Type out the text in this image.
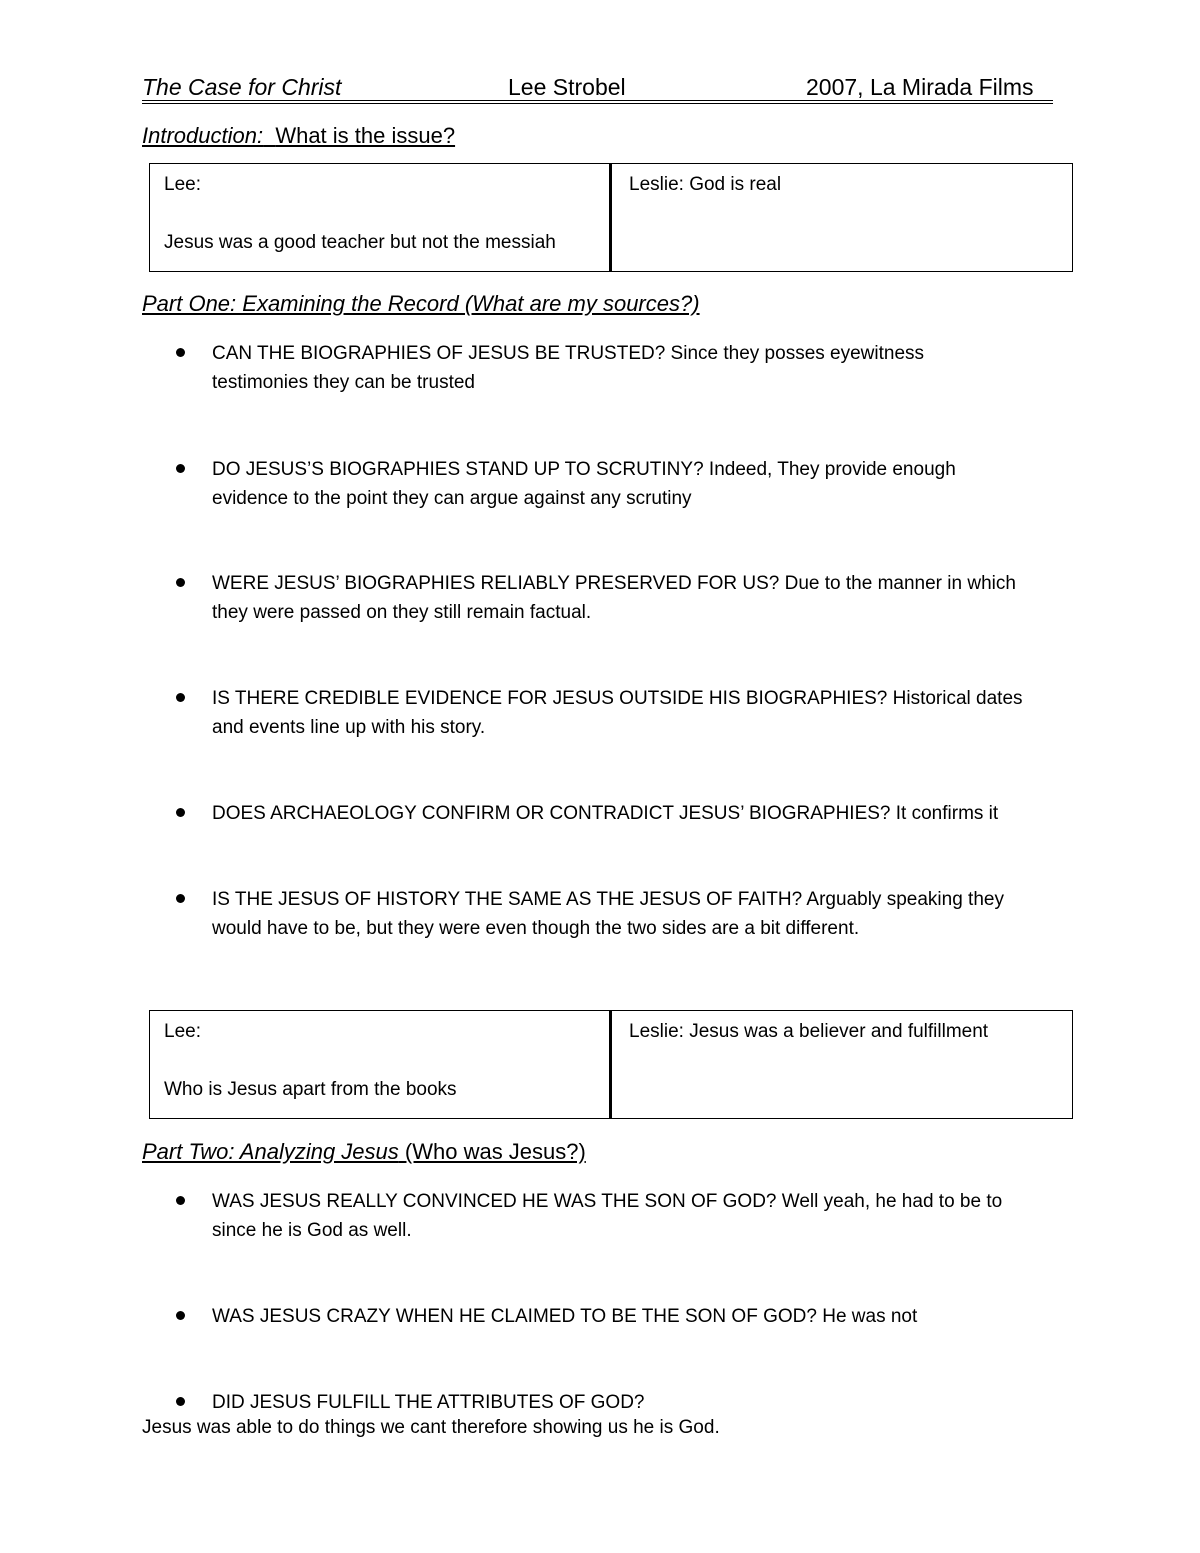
The Case for Christ	Lee Strobel	2007, La Mirada Films
Introduction: What is the issue?
Lee:
Jesus was a good teacher but not the messiah
Leslie: God is real
Part One: Examining the Record (What are my sources?)
CAN THE BIOGRAPHIES OF JESUS BE TRUSTED? Since they posses eyewitness
testimonies they can be trusted
DO JESUS’S BIOGRAPHIES STAND UP TO SCRUTINY? Indeed, They provide enough
evidence to the point they can argue against any scrutiny
WERE JESUS’ BIOGRAPHIES RELIABLY PRESERVED FOR US? Due to the manner in which
they were passed on they still remain factual.
IS THERE CREDIBLE EVIDENCE FOR JESUS OUTSIDE HIS BIOGRAPHIES? Historical dates
and events line up with his story.
DOES ARCHAEOLOGY CONFIRM OR CONTRADICT JESUS’ BIOGRAPHIES? It confirms it
IS THE JESUS OF HISTORY THE SAME AS THE JESUS OF FAITH? Arguably speaking they
would have to be, but they were even though the two sides are a bit different.
Lee:
Who is Jesus apart from the books
Leslie: Jesus was a believer and fulfillment
Part Two: Analyzing Jesus (Who was Jesus?)
WAS JESUS REALLY CONVINCED HE WAS THE SON OF GOD? Well yeah, he had to be to
since he is God as well.
WAS JESUS CRAZY WHEN HE CLAIMED TO BE THE SON OF GOD? He was not
DID JESUS FULFILL THE ATTRIBUTES OF GOD?
Jesus was able to do things we cant therefore showing us he is God.
